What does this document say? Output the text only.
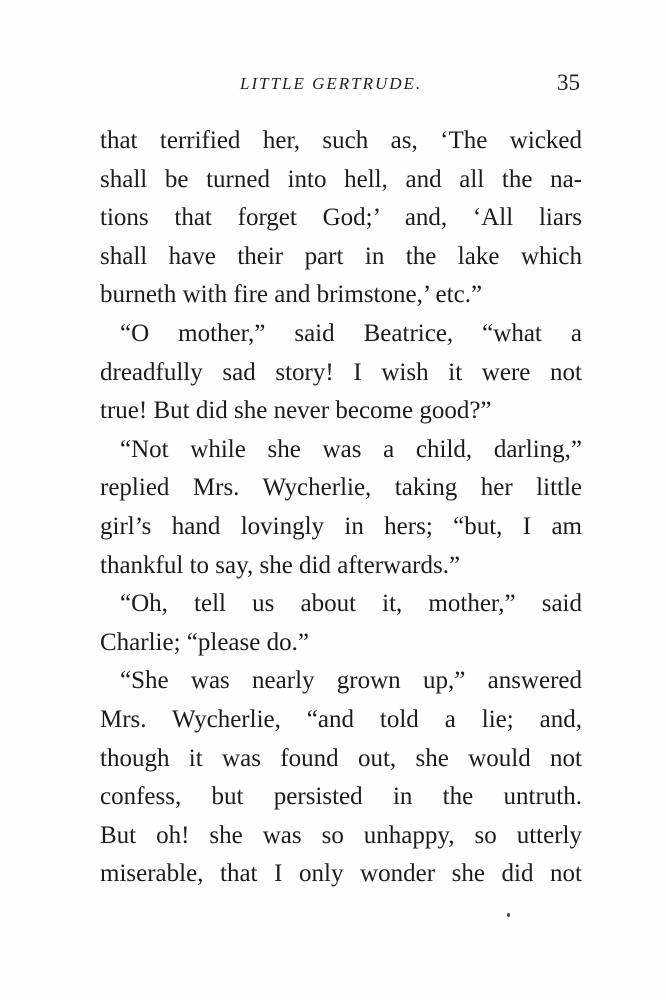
LITTLE GERTRUDE.	35
that terrified her, such as, ‘The wicked
shall be turned into hell, and all the na-
tions that forget God;’ and, ‘All liars
shall have their part in the lake which
burneth with fire and brimstone,’ etc.”
“O mother,” said Beatrice, “what a
dreadfully sad story! I wish it were not
true! But did she never become good?”
“Not while she was a child, darling,”
replied Mrs. Wycherlie, taking her little
girl’s hand lovingly in hers; “but, I am
thankful to say, she did afterwards.”
“Oh, tell us about it, mother,” said
Charlie; “please do.”
“She was nearly grown up,” answered
Mrs. Wycherlie, “and told a lie; and,
though it was found out, she would not
confess, but persisted in the untruth.
But oh! she was so unhappy, so utterly
miserable, that I only wonder she did not
